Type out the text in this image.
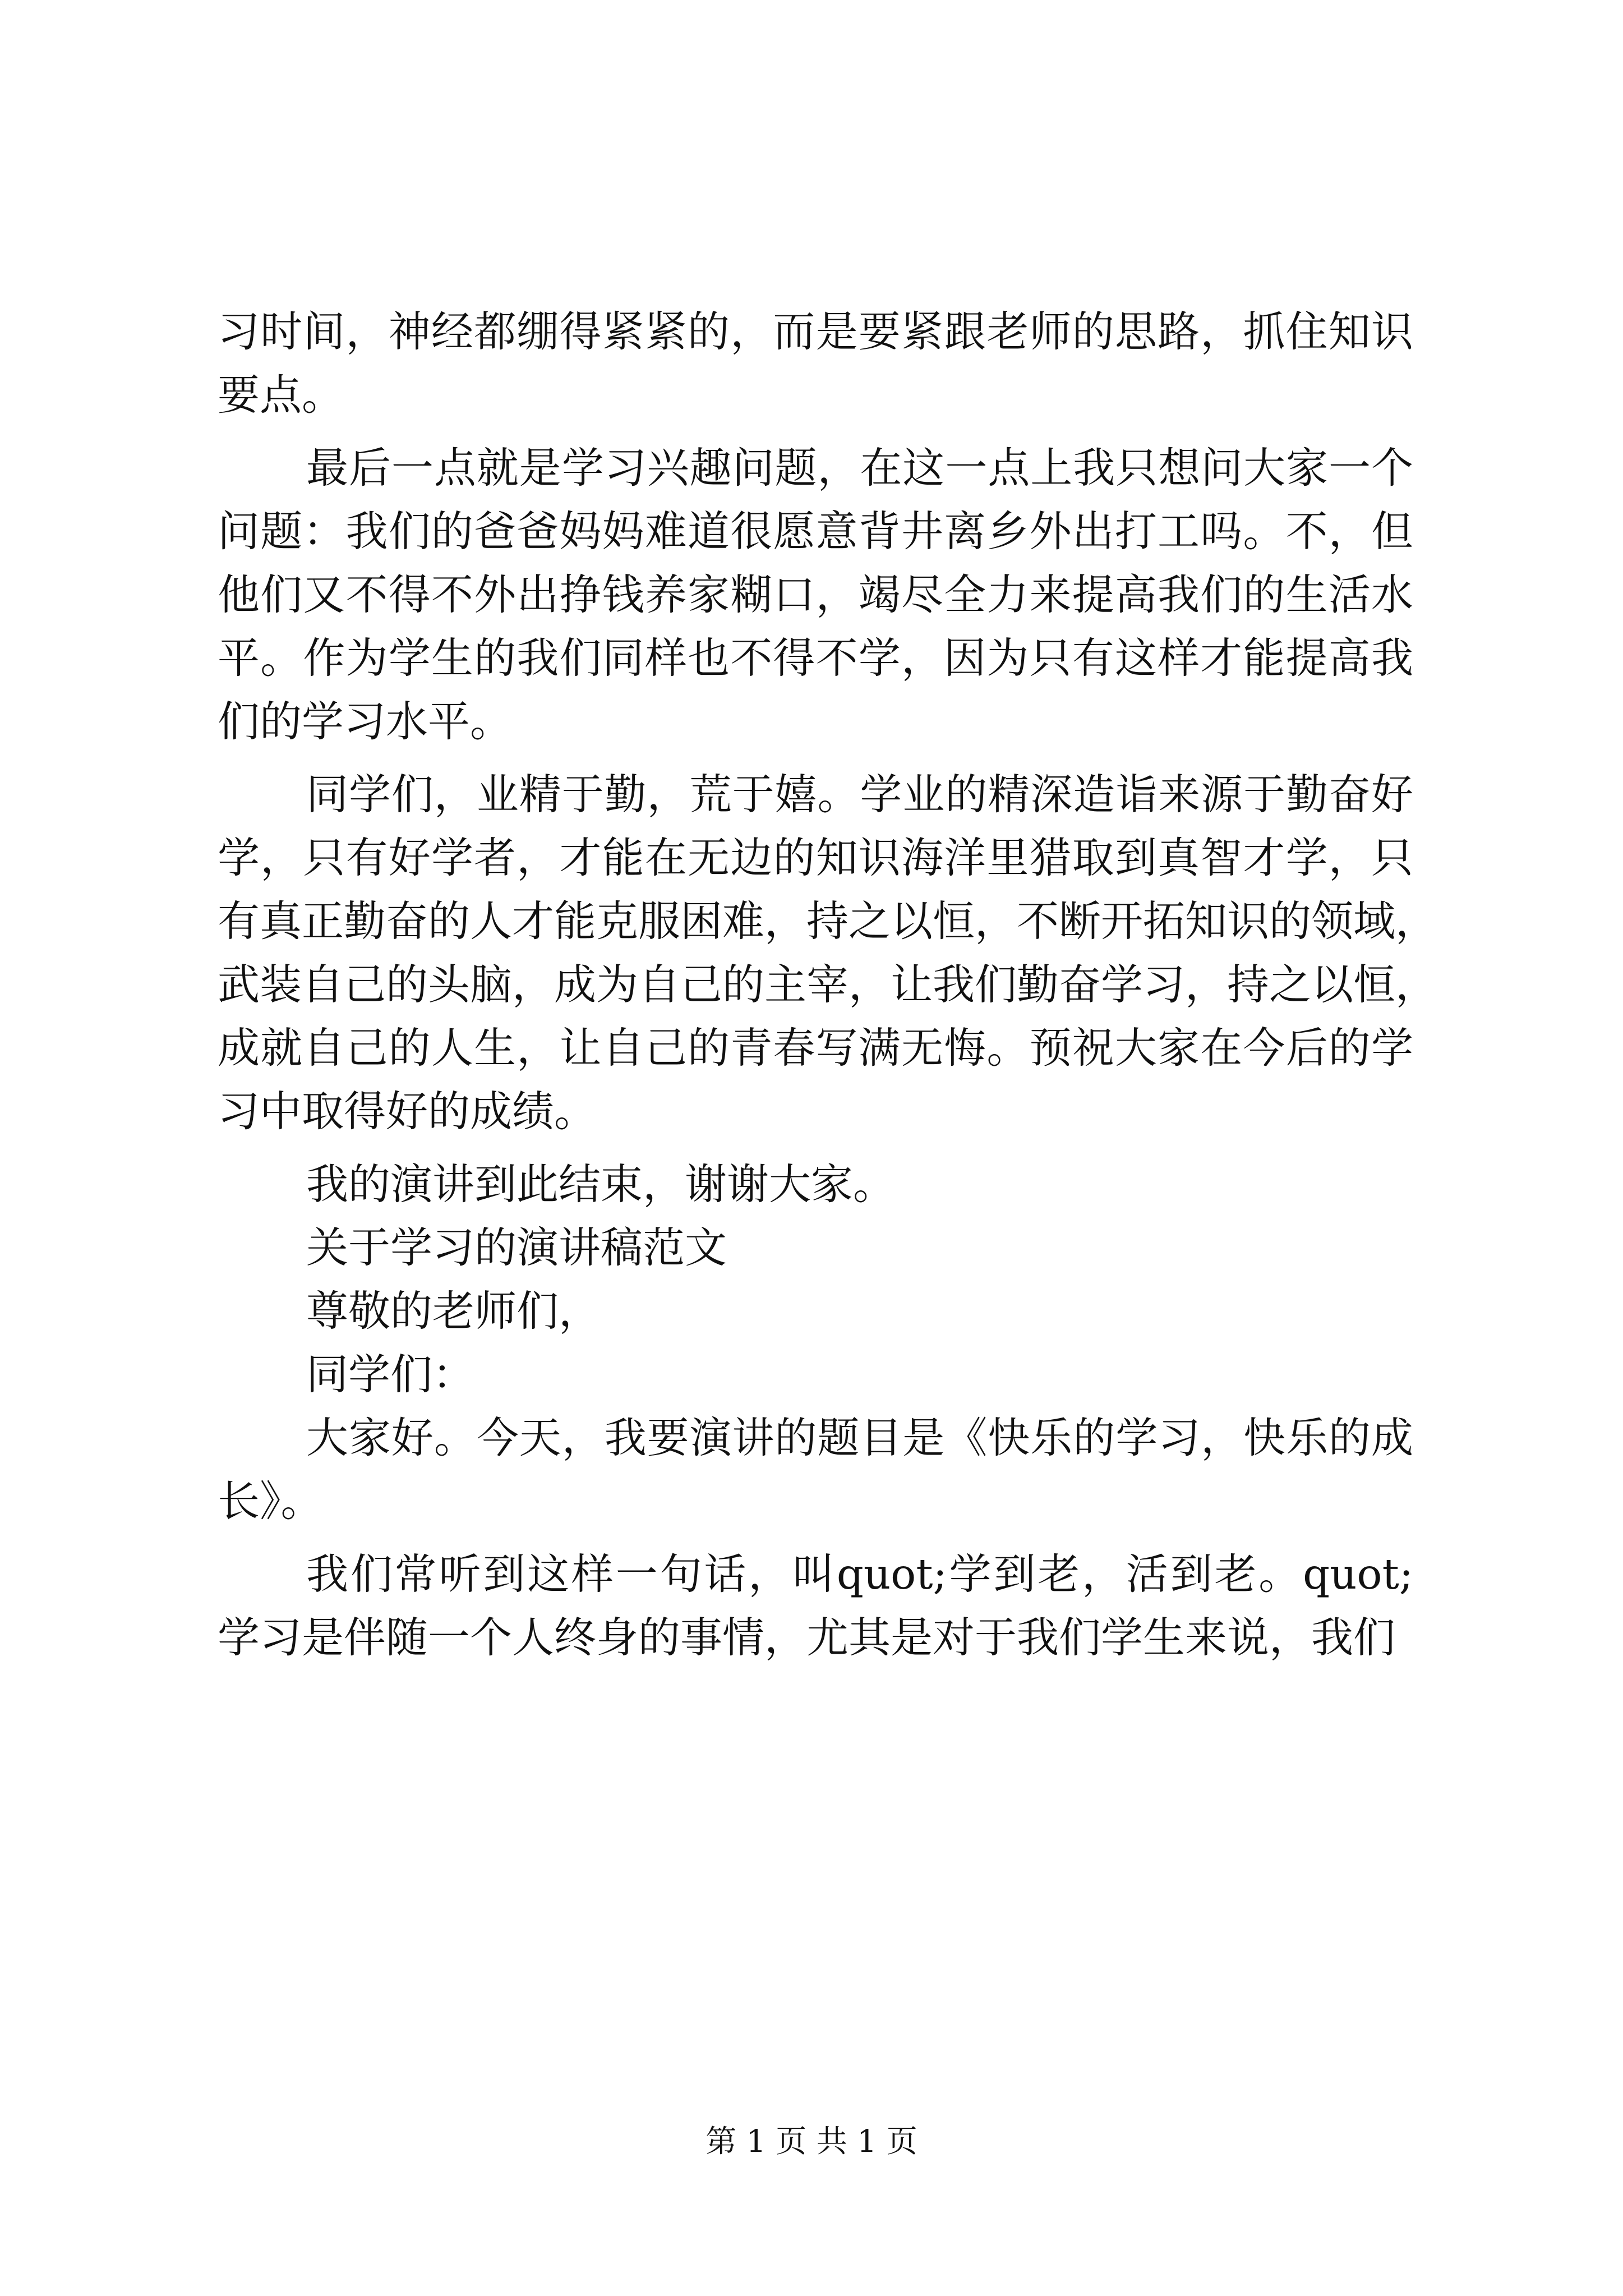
习时间，神经都绷得紧紧的，而是要紧跟老师的思路，抓住知识
要点。
最后一点就是学习兴趣问题，在这一点上我只想问大家一个
问题：我们的爸爸妈妈难道很愿意背井离乡外出打工吗。不，但
他们又不得不外出挣钱养家糊口，竭尽全力来提高我们的生活水
平。作为学生的我们同样也不得不学，因为只有这样才能提高我
们的学习水平。
同学们，业精于勤，荒于嬉。学业的精深造诣来源于勤奋好
学，只有好学者，才能在无边的知识海洋里猎取到真智才学，只
有真正勤奋的人才能克服困难，持之以恒，不断开拓知识的领域，
武装自己的头脑，成为自己的主宰，让我们勤奋学习，持之以恒，
成就自己的人生，让自己的青春写满无悔。预祝大家在今后的学
习中取得好的成绩。
我的演讲到此结束，谢谢大家。
关于学习的演讲稿范文
尊敬的老师们，
同学们：
大家好。今天，我要演讲的题目是《快乐的学习，快乐的成
长》。
我们常听到这样一句话，叫quot;学到老，活到老。quot;
学习是伴随一个人终身的事情，尤其是对于我们学生来说，我们
第 1 页 共 1 页
